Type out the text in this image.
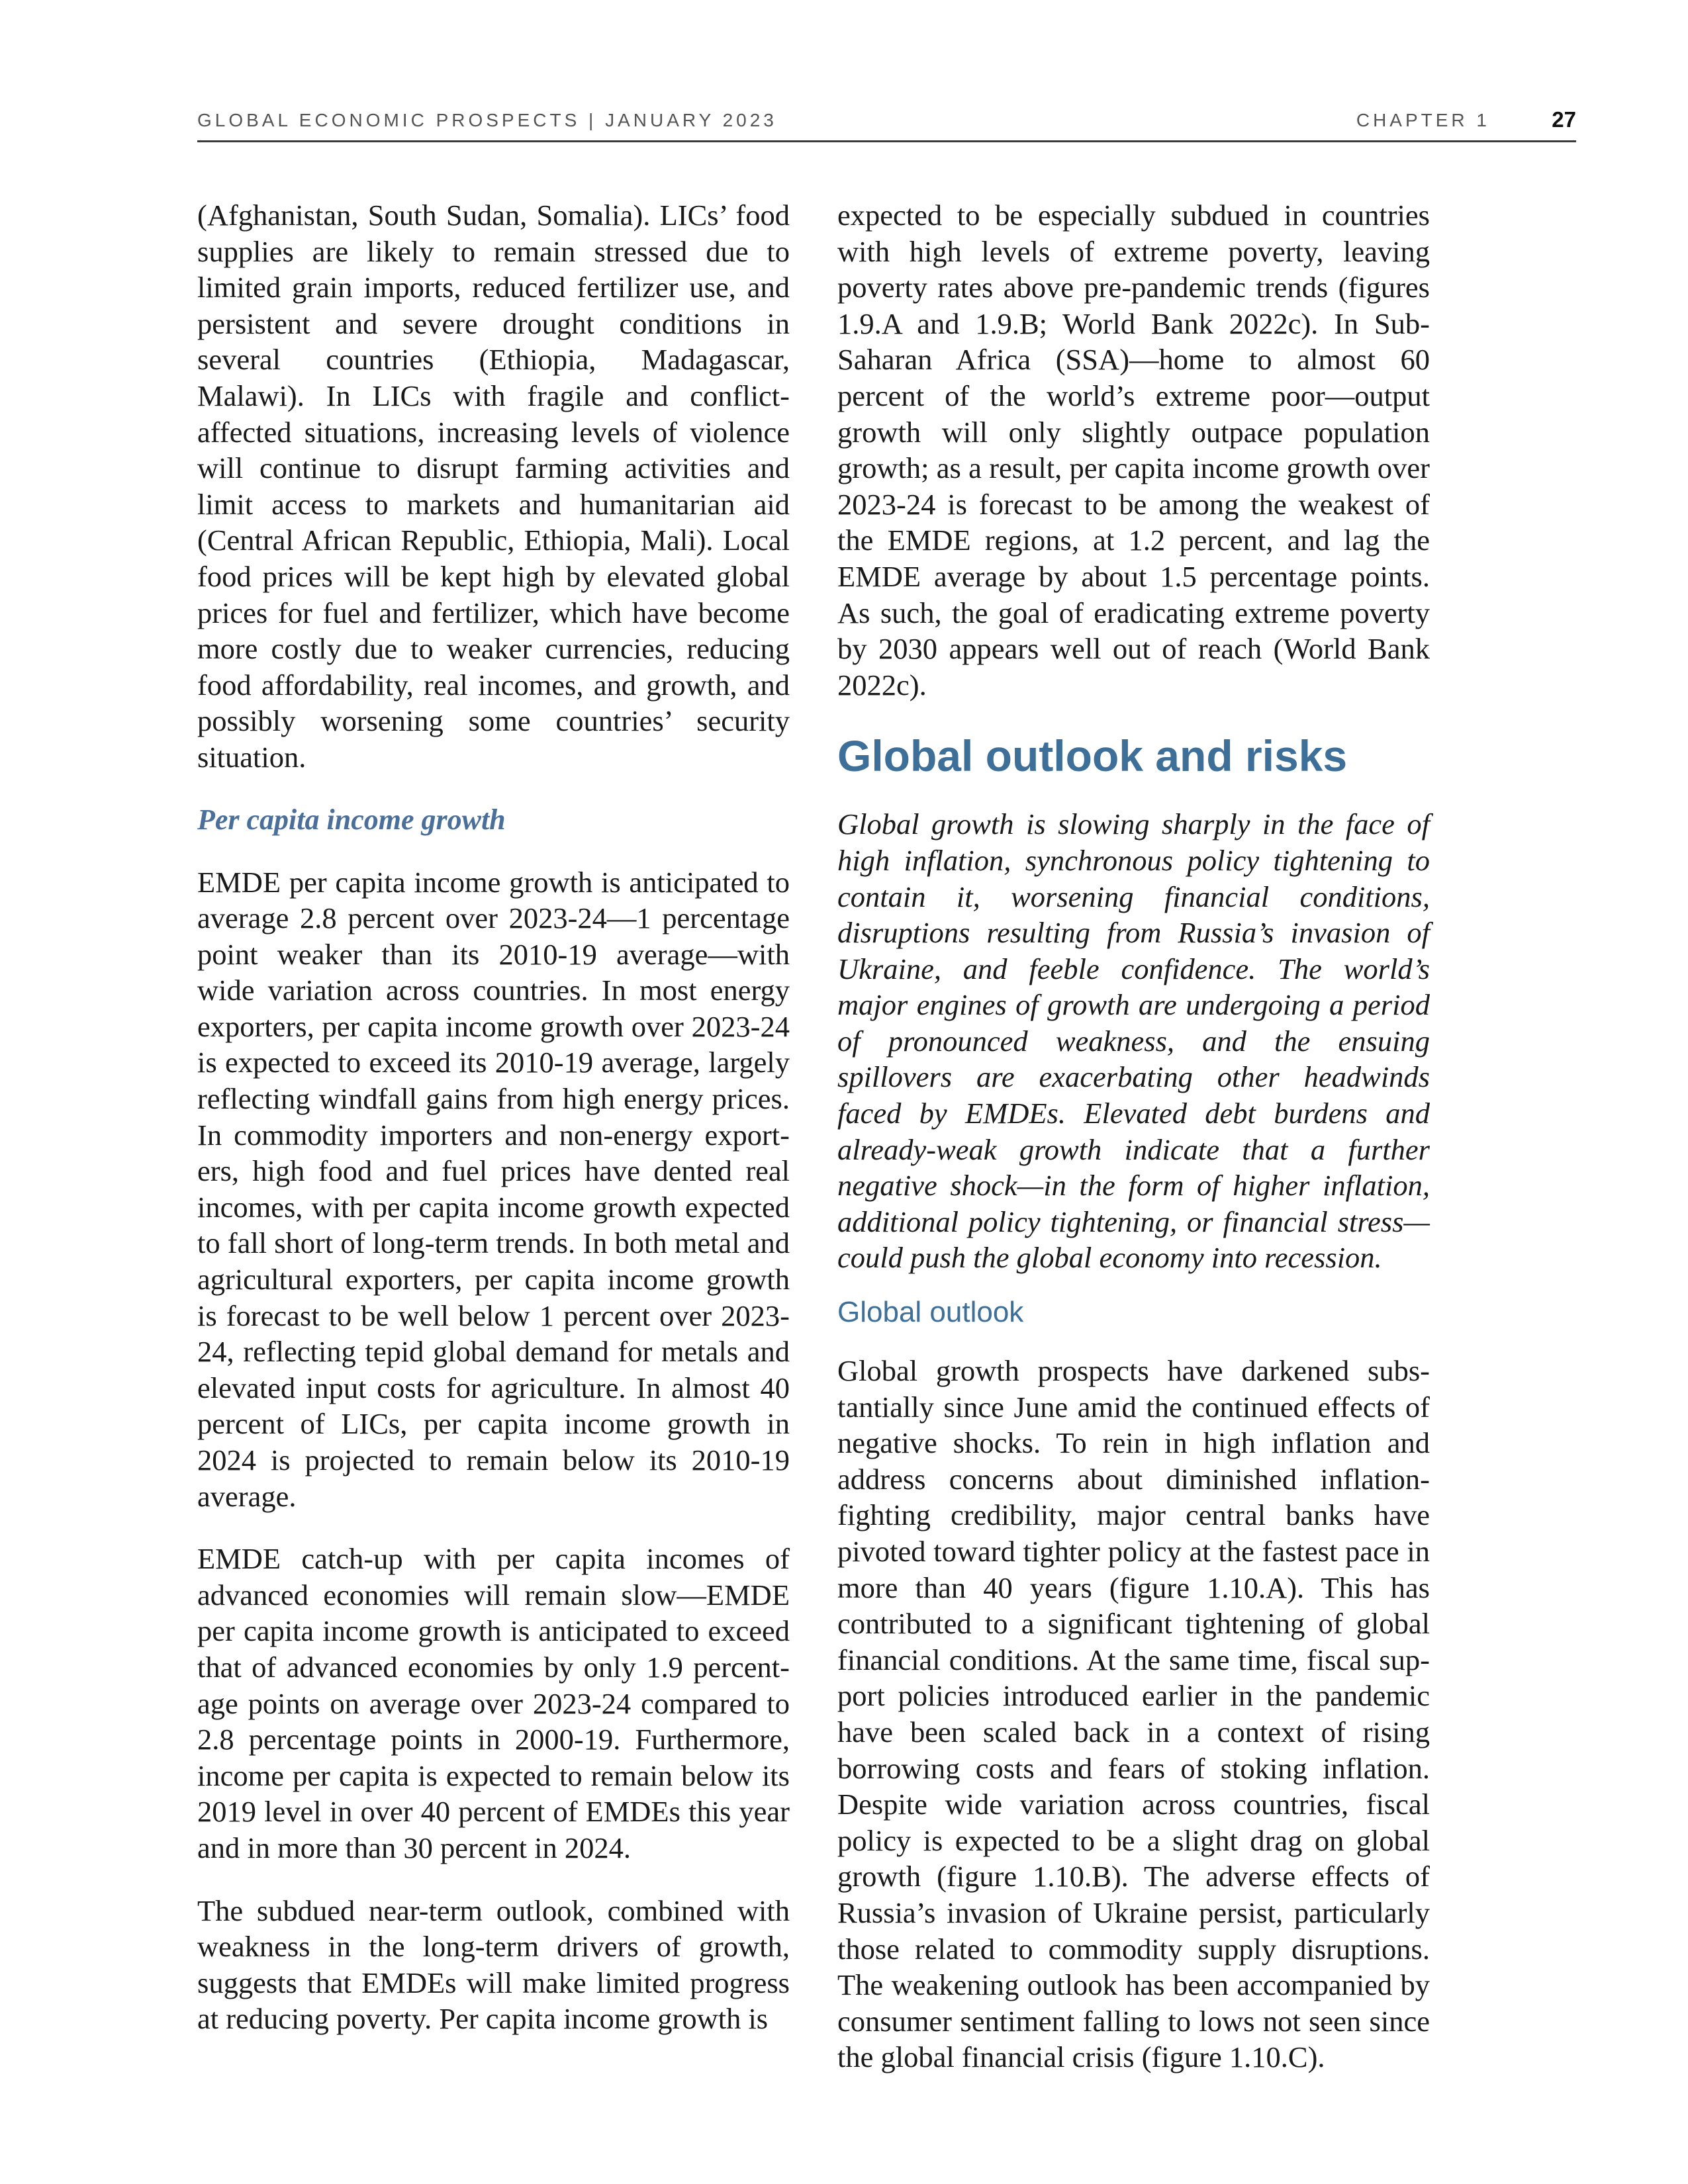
GLOBAL ECONOMIC PROSPECTS | JANUARY 2023	CHAPTER 1	27

(Afghanistan, South Sudan, Somalia). LICs’ food supplies are likely to remain stressed due to limited grain imports, reduced fertilizer use, and persistent and severe drought conditions in several countries (Ethiopia, Madagascar, Malawi). In LICs with fragile and conflict-affected situations, increasing levels of violence will continue to disrupt farming activities and limit access to markets and humanitarian aid (Central African Republic, Ethiopia, Mali). Local food prices will be kept high by elevated global prices for fuel and fertilizer, which have become more costly due to weaker currencies, reducing food affordability, real incomes, and growth, and possibly worsening some countries’ security situation.

Per capita income growth

EMDE per capita income growth is anticipated to average 2.8 percent over 2023-24—1 percentage point weaker than its 2010-19 average—with wide variation across countries. In most energy exporters, per capita income growth over 2023-24 is expected to exceed its 2010-19 average, largely reflecting windfall gains from high energy prices. In commodity importers and non-energy exporters, high food and fuel prices have dented real incomes, with per capita income growth expected to fall short of long-term trends. In both metal and agricultural exporters, per capita income growth is forecast to be well below 1 percent over 2023-24, reflecting tepid global demand for metals and elevated input costs for agriculture. In almost 40 percent of LICs, per capita income growth in 2024 is projected to remain below its 2010-19 average.

EMDE catch-up with per capita incomes of advanced economies will remain slow—EMDE per capita income growth is anticipated to exceed that of advanced economies by only 1.9 percentage points on average over 2023-24 compared to 2.8 percentage points in 2000-19. Furthermore, income per capita is expected to remain below its 2019 level in over 40 percent of EMDEs this year and in more than 30 percent in 2024.

The subdued near-term outlook, combined with weakness in the long-term drivers of growth, suggests that EMDEs will make limited progress at reducing poverty. Per capita income growth is

expected to be especially subdued in countries with high levels of extreme poverty, leaving poverty rates above pre-pandemic trends (figures 1.9.A and 1.9.B; World Bank 2022c). In Sub-Saharan Africa (SSA)—home to almost 60 percent of the world’s extreme poor—output growth will only slightly outpace population growth; as a result, per capita income growth over 2023-24 is forecast to be among the weakest of the EMDE regions, at 1.2 percent, and lag the EMDE average by about 1.5 percentage points. As such, the goal of eradicating extreme poverty by 2030 appears well out of reach (World Bank 2022c).

Global outlook and risks

Global growth is slowing sharply in the face of high inflation, synchronous policy tightening to contain it, worsening financial conditions, disruptions resulting from Russia’s invasion of Ukraine, and feeble confidence. The world’s major engines of growth are undergoing a period of pronounced weakness, and the ensuing spillovers are exacerbating other headwinds faced by EMDEs. Elevated debt burdens and already-weak growth indicate that a further negative shock—in the form of higher inflation, additional policy tightening, or financial stress—could push the global economy into recession.

Global outlook

Global growth prospects have darkened substantially since June amid the continued effects of negative shocks. To rein in high inflation and address concerns about diminished inflation-fighting credibility, major central banks have pivoted toward tighter policy at the fastest pace in more than 40 years (figure 1.10.A). This has contributed to a significant tightening of global financial conditions. At the same time, fiscal support policies introduced earlier in the pandemic have been scaled back in a context of rising borrowing costs and fears of stoking inflation. Despite wide variation across countries, fiscal policy is expected to be a slight drag on global growth (figure 1.10.B). The adverse effects of Russia’s invasion of Ukraine persist, particularly those related to commodity supply disruptions. The weakening outlook has been accompanied by consumer sentiment falling to lows not seen since the global financial crisis (figure 1.10.C).
